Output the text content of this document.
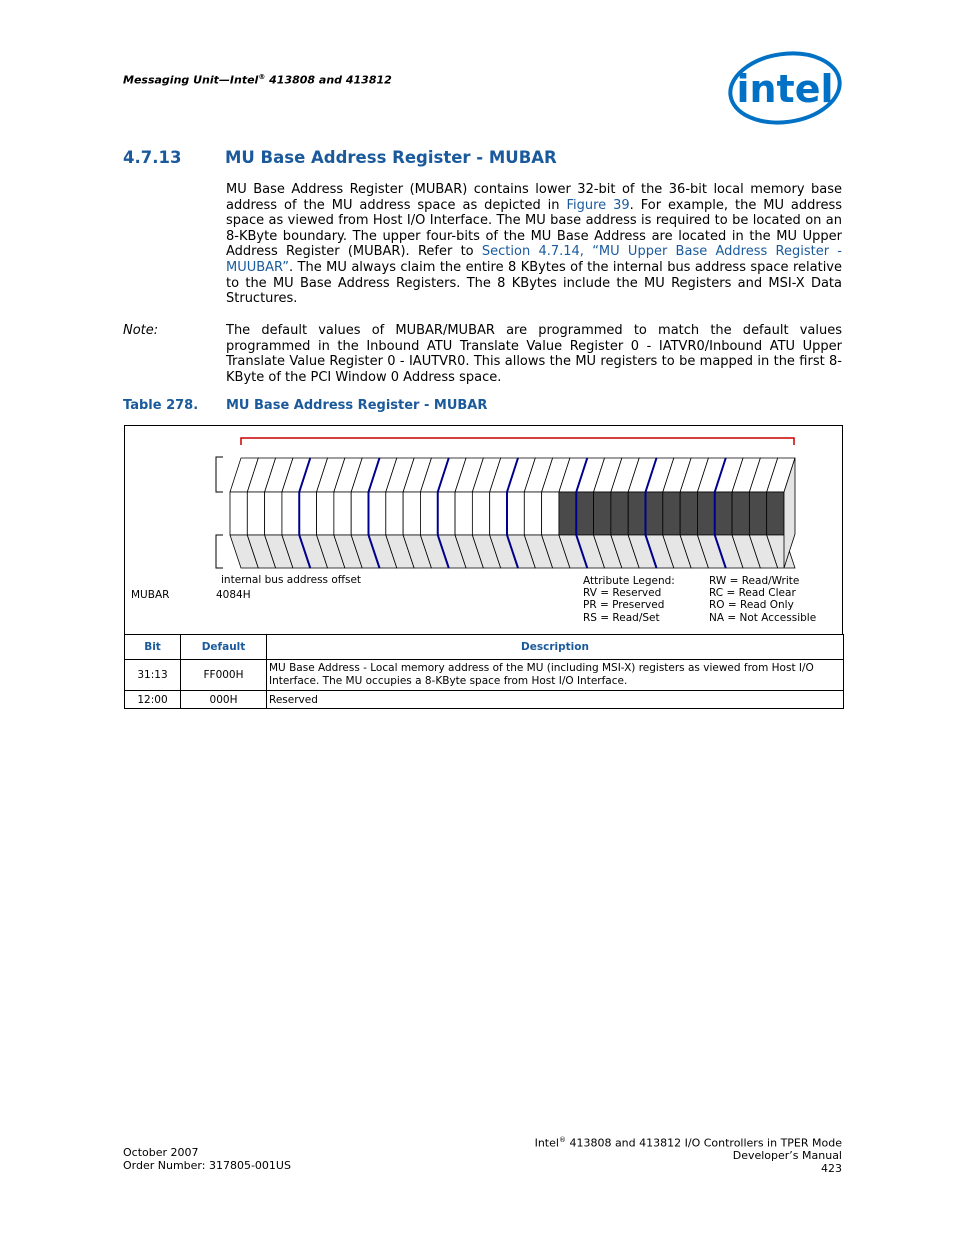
Messaging Unit—Intel® 413808 and 413812	intel
4.7.13	MU Base Address Register - MUBAR
MU Base Address Register (MUBAR) contains lower 32-bit of the 36-bit local memory base address of the MU address space as depicted in Figure 39. For example, the MU address space as viewed from Host I/O Interface. The MU base address is required to be located on an 8-KByte boundary. The upper four-bits of the MU Base Address are located in the MU Upper Address Register (MUBAR). Refer to Section 4.7.14, “MU Upper Base Address Register - MUUBAR”. The MU always claim the entire 8 KBytes of the internal bus address space relative to the MU Base Address Registers. The 8 KBytes include the MU Registers and MSI-X Data Structures.
Note:	The default values of MUBAR/MUBAR are programmed to match the default values programmed in the Inbound ATU Translate Value Register 0 - IATVR0/Inbound ATU Upper Translate Value Register 0 - IAUTVR0. This allows the MU registers to be mapped in the first 8-KByte of the PCI Window 0 Address space.
Table 278. MU Base Address Register - MUBAR
internal bus address offset
MUBAR	4084H
Attribute Legend:
RV = Reserved
PR = Preserved
RS = Read/Set
RW = Read/Write
RC = Read Clear
RO = Read Only
NA = Not Accessible
Bit	Default	Description
31:13	FF000H	MU Base Address - Local memory address of the MU (including MSI-X) registers as viewed from Host I/O Interface. The MU occupies a 8-KByte space from Host I/O Interface.
12:00	000H	Reserved
October 2007
Order Number: 317805-001US
Intel® 413808 and 413812 I/O Controllers in TPER Mode
Developer’s Manual
423
